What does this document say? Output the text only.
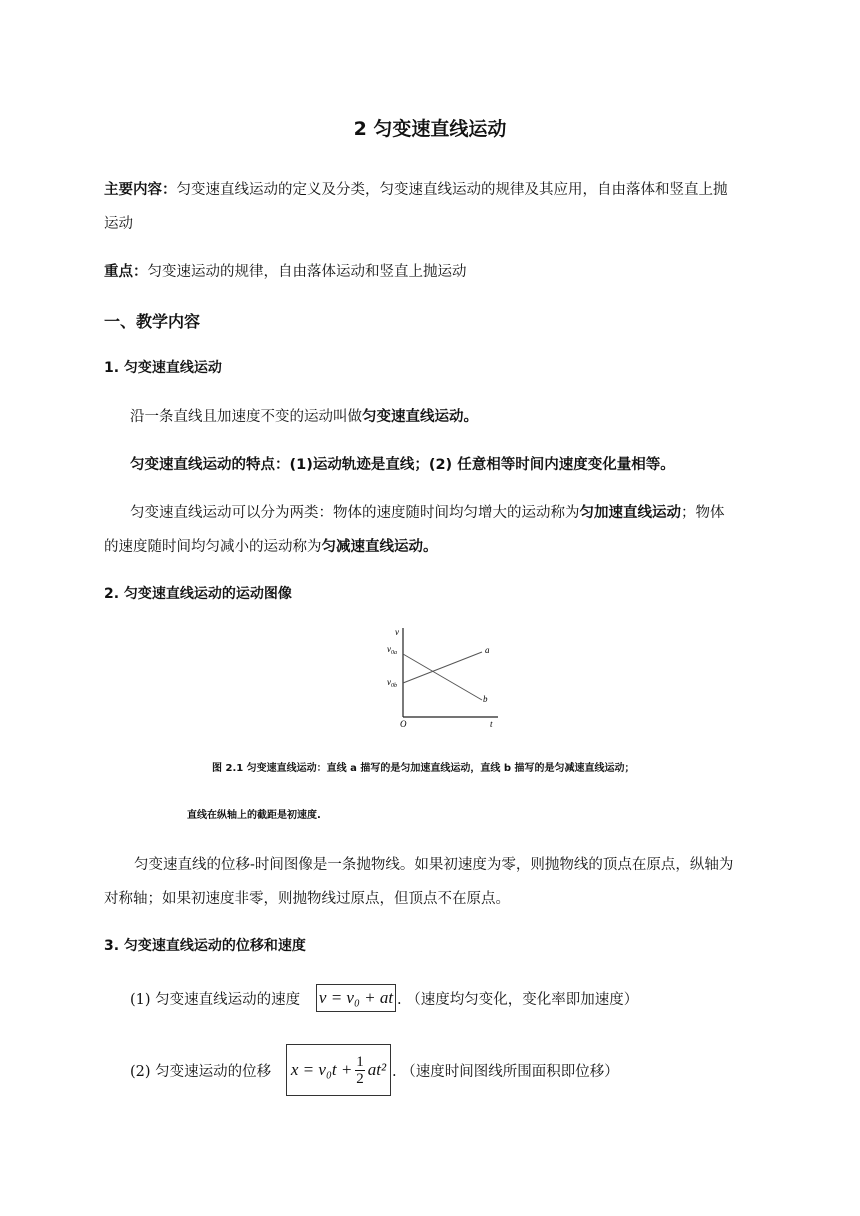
2 匀变速直线运动
主要内容：匀变速直线运动的定义及分类，匀变速直线运动的规律及其应用，自由落体和竖直上抛
运动
重点：匀变速运动的规律，自由落体运动和竖直上抛运动
一、教学内容
1. 匀变速直线运动
沿一条直线且加速度不变的运动叫做匀变速直线运动。
匀变速直线运动的特点：(1)运动轨迹是直线；(2) 任意相等时间内速度变化量相等。
匀变速直线运动可以分为两类：物体的速度随时间均匀增大的运动称为匀加速直线运动；物体
的速度随时间均匀减小的运动称为匀减速直线运动。
2. 匀变速直线运动的运动图像
v
$v_{0a}$
$v_{0b}$
O	t
a
b
图 2.1 匀变速直线运动：直线 a 描写的是匀加速直线运动，直线 b 描写的是匀减速直线运动；
直线在纵轴上的截距是初速度.
匀变速直线的位移-时间图像是一条抛物线。如果初速度为零，则抛物线的顶点在原点，纵轴为
对称轴；如果初速度非零，则抛物线过原点，但顶点不在原点。
3. 匀变速直线运动的位移和速度
(1) 匀变速直线运动的速度 v = v₀ + at . （速度均匀变化，变化率即加速度）
(2) 匀变速运动的位移 $x = v_0t + \frac{1}{2} at^2$ . （速度时间图线所围面积即位移）
